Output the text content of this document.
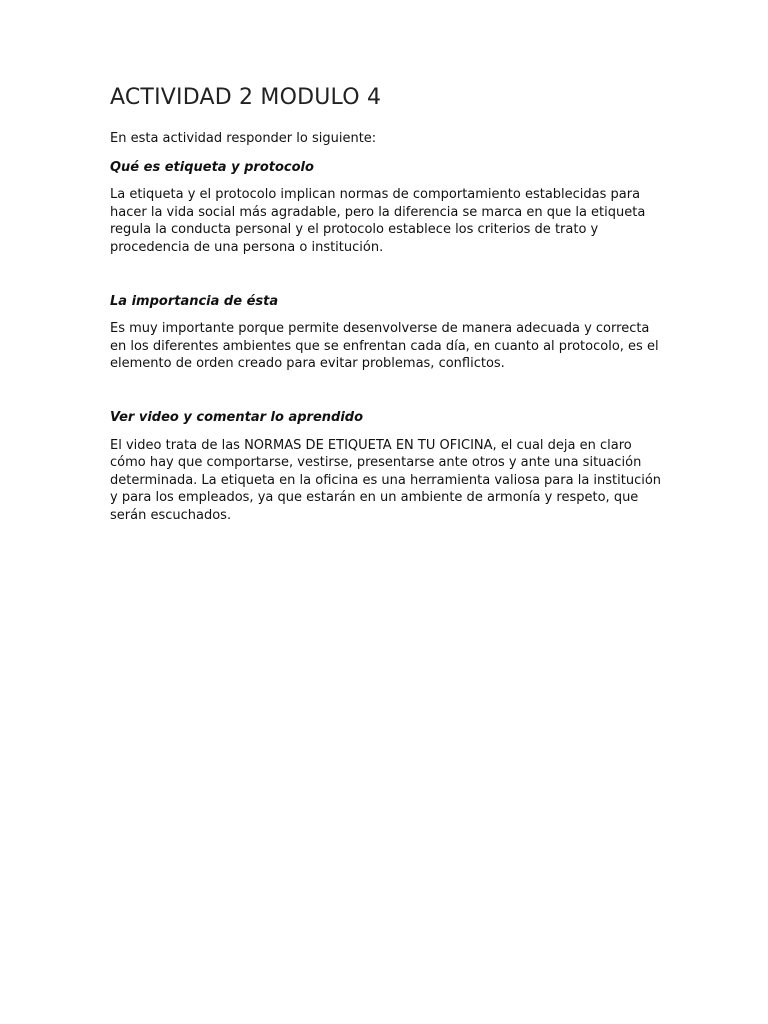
ACTIVIDAD 2 MODULO 4

En esta actividad responder lo siguiente:

Qué es etiqueta y protocolo

La etiqueta y el protocolo implican normas de comportamiento establecidas para hacer la vida social más agradable, pero la diferencia se marca en que la etiqueta regula la conducta personal y el protocolo establece los criterios de trato y procedencia de una persona o institución.

La importancia de ésta

Es muy importante porque permite desenvolverse de manera adecuada y correcta en los diferentes ambientes que se enfrentan cada día, en cuanto al protocolo, es el elemento de orden creado para evitar problemas, conflictos.

Ver video y comentar lo aprendido

El video trata de las NORMAS DE ETIQUETA EN TU OFICINA, el cual deja en claro cómo hay que comportarse, vestirse, presentarse ante otros y ante una situación determinada. La etiqueta en la oficina es una herramienta valiosa para la institución y para los empleados, ya que estarán en un ambiente de armonía y respeto, que serán escuchados.
